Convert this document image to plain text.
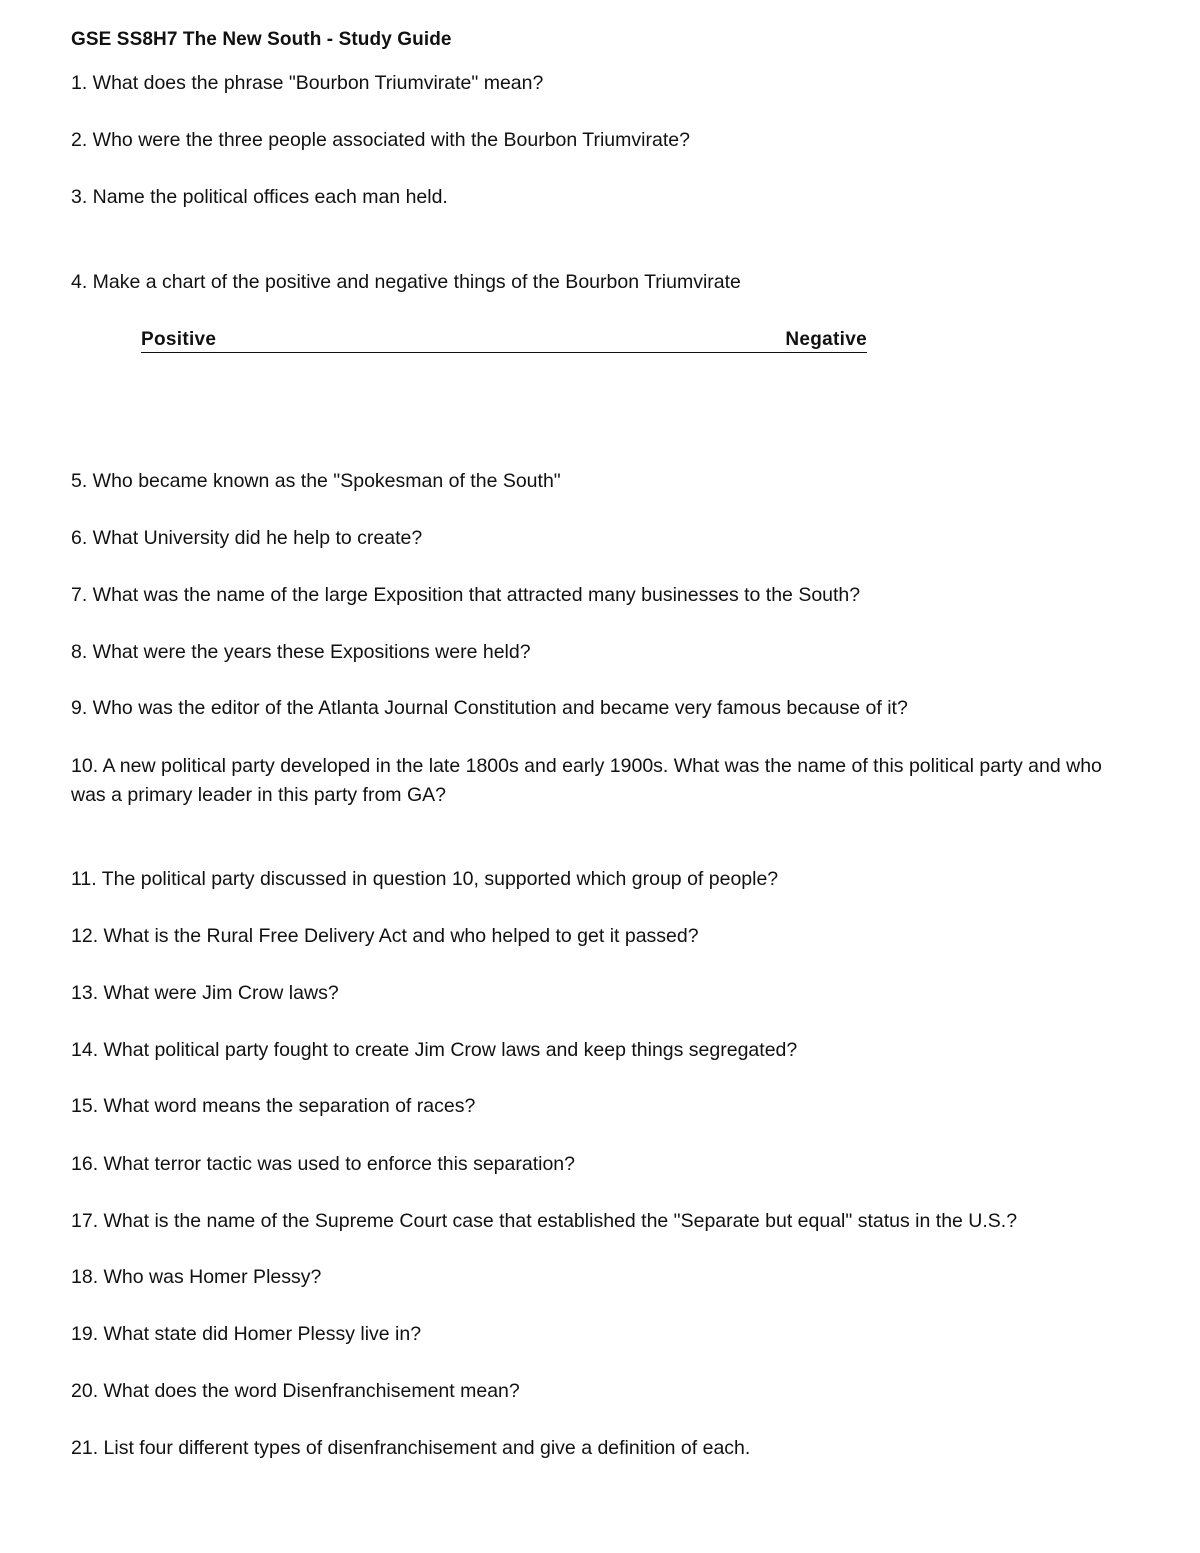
GSE SS8H7 The New South - Study Guide
1. What does the phrase "Bourbon Triumvirate" mean?
2. Who were the three people associated with the Bourbon Triumvirate?
3. Name the political offices each man held.
4. Make a chart of the positive and negative things of the Bourbon Triumvirate
Positive	Negative
5. Who became known as the "Spokesman of the South"
6. What University did he help to create?
7. What was the name of the large Exposition that attracted many businesses to the South?
8. What were the years these Expositions were held?
9. Who was the editor of the Atlanta Journal Constitution and became very famous because of it?
10. A new political party developed in the late 1800s and early 1900s. What was the name of this political party and who was a primary leader in this party from GA?
11. The political party discussed in question 10, supported which group of people?
12. What is the Rural Free Delivery Act and who helped to get it passed?
13. What were Jim Crow laws?
14. What political party fought to create Jim Crow laws and keep things segregated?
15. What word means the separation of races?
16. What terror tactic was used to enforce this separation?
17. What is the name of the Supreme Court case that established the "Separate but equal" status in the U.S.?
18. Who was Homer Plessy?
19. What state did Homer Plessy live in?
20. What does the word Disenfranchisement mean?
21. List four different types of disenfranchisement and give a definition of each.
